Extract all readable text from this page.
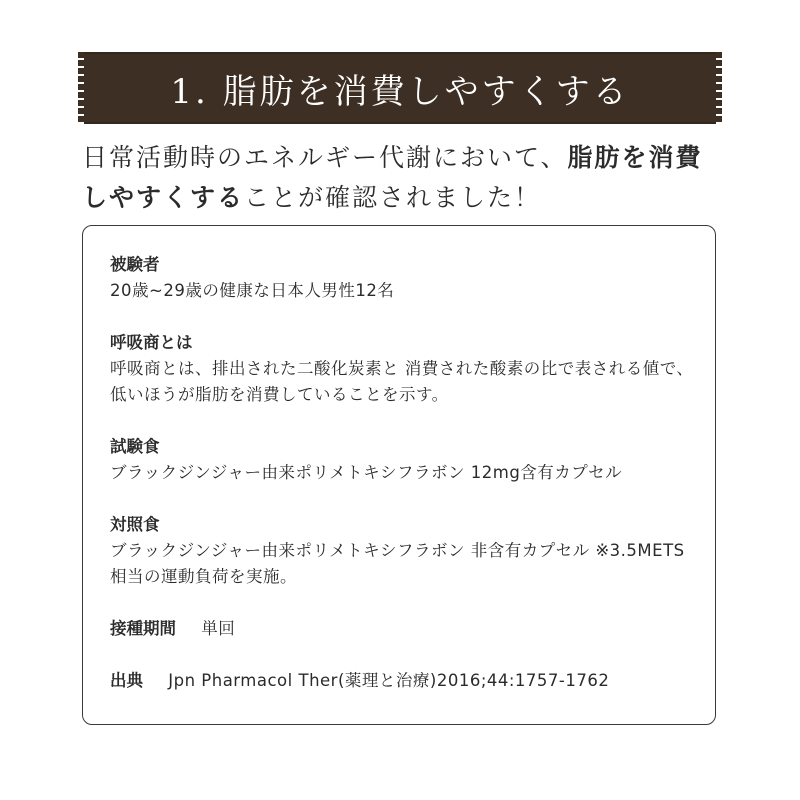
1. 脂肪を消費しやすくする
日常活動時のエネルギー代謝において、脂肪を消費
しやすくすることが確認されました！
被験者
20歳~29歳の健康な日本人男性12名
呼吸商とは
呼吸商とは、排出された二酸化炭素と 消費された酸素の比で表される値で、 低いほうが脂肪を消費していることを示す。
試験食
ブラックジンジャー由来ポリメトキシフラボン 12mg含有カプセル
対照食
ブラックジンジャー由来ポリメトキシフラボン 非含有カプセル ※3.5METS相当の運動負荷を実施。
接種期間 単回
出典 Jpn Pharmacol Ther(薬理と治療)2016;44:1757-1762
